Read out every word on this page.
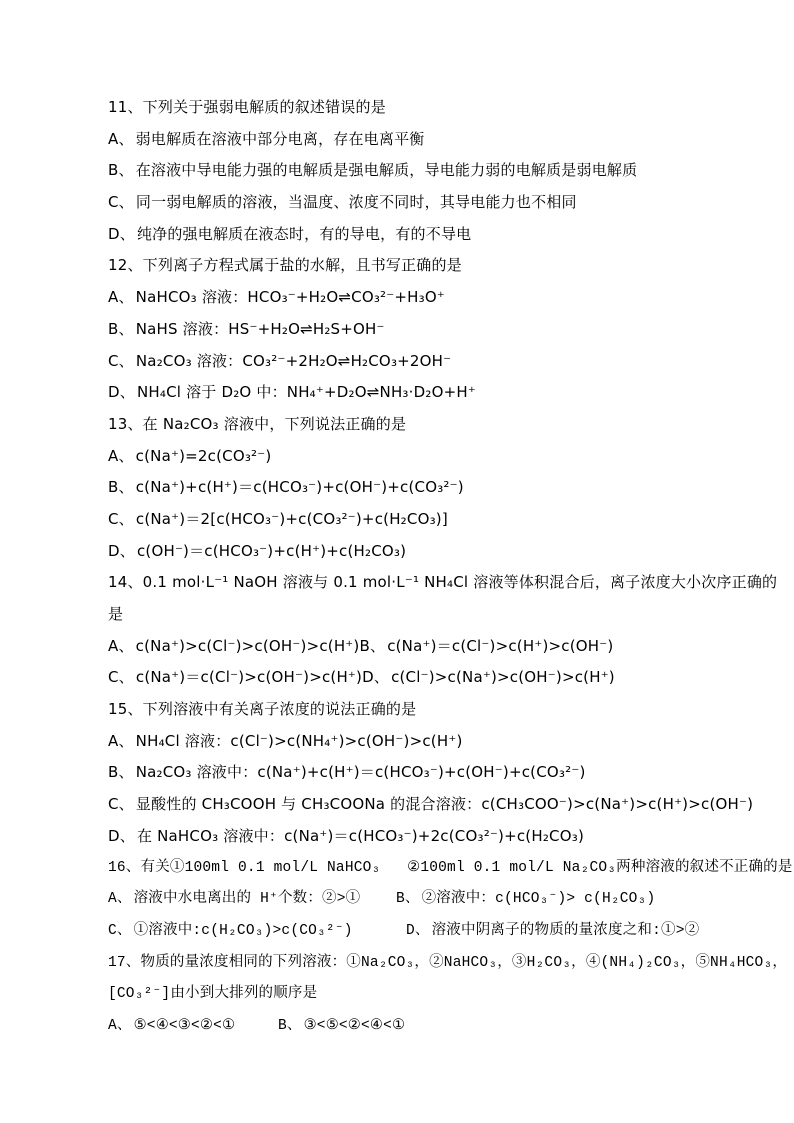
11、下列关于强弱电解质的叙述错误的是

A、 弱电解质在溶液中部分电离，存在电离平衡

B、 在溶液中导电能力强的电解质是强电解质，导电能力弱的电解质是弱电解质

C、 同一弱电解质的溶液，当温度、浓度不同时，其导电能力也不相同

D、 纯净的强电解质在液态时，有的导电，有的不导电

12、下列离子方程式属于盐的水解，且书写正确的是

A、 NaHCO₃ 溶液：HCO₃⁻+H₂O⇌CO₃²⁻+H₃O⁺

B、 NaHS 溶液：HS⁻+H₂O⇌H₂S+OH⁻

C、 Na₂CO₃ 溶液：CO₃²⁻+2H₂O⇌H₂CO₃+2OH⁻

D、 NH₄Cl 溶于 D₂O 中：NH₄⁺+D₂O⇌NH₃·D₂O+H⁺

13、在 Na₂CO₃ 溶液中，下列说法正确的是

A、 c(Na⁺)=2c(CO₃²⁻)

B、 c(Na⁺)+c(H⁺)＝c(HCO₃⁻)+c(OH⁻)+c(CO₃²⁻)

C、 c(Na⁺)＝2[c(HCO₃⁻)+c(CO₃²⁻)+c(H₂CO₃)]

D、 c(OH⁻)＝c(HCO₃⁻)+c(H⁺)+c(H₂CO₃)

14、0.1 mol·L⁻¹ NaOH 溶液与 0.1 mol·L⁻¹ NH₄Cl 溶液等体积混合后，离子浓度大小次序正确的

是

A、 c(Na⁺)>c(Cl⁻)>c(OH⁻)>c(H⁺)B、 c(Na⁺)＝c(Cl⁻)>c(H⁺)>c(OH⁻)

C、 c(Na⁺)＝c(Cl⁻)>c(OH⁻)>c(H⁺)D、 c(Cl⁻)>c(Na⁺)>c(OH⁻)>c(H⁺)

15、下列溶液中有关离子浓度的说法正确的是

A、 NH₄Cl 溶液：c(Cl⁻)>c(NH₄⁺)>c(OH⁻)>c(H⁺)

B、 Na₂CO₃ 溶液中：c(Na⁺)+c(H⁺)＝c(HCO₃⁻)+c(OH⁻)+c(CO₃²⁻)

C、 显酸性的 CH₃COOH 与 CH₃COONa 的混合溶液：c(CH₃COO⁻)>c(Na⁺)>c(H⁺)>c(OH⁻)

D、 在 NaHCO₃ 溶液中：c(Na⁺)＝c(HCO₃⁻)+2c(CO₃²⁻)+c(H₂CO₃)

16、有关①100ml 0.1 mol/L NaHCO₃   ②100ml 0.1 mol/L Na₂CO₃两种溶液的叙述不正确的是

A、 溶液中水电离出的 H⁺个数：②>① B、 ②溶液中：c(HCO₃⁻)> c(H₂CO₃)

C、 ①溶液中:c(H₂CO₃)>c(CO₃²⁻)	D、 溶液中阴离子的物质的量浓度之和:①>②

17、物质的量浓度相同的下列溶液：①Na₂CO₃，②NaHCO₃，③H₂CO₃，④(NH₄)₂CO₃，⑤NH₄HCO₃，

[CO₃²⁻]由小到大排列的顺序是

A、 ⑤<④<③<②<①	B、 ③<⑤<②<④<①
